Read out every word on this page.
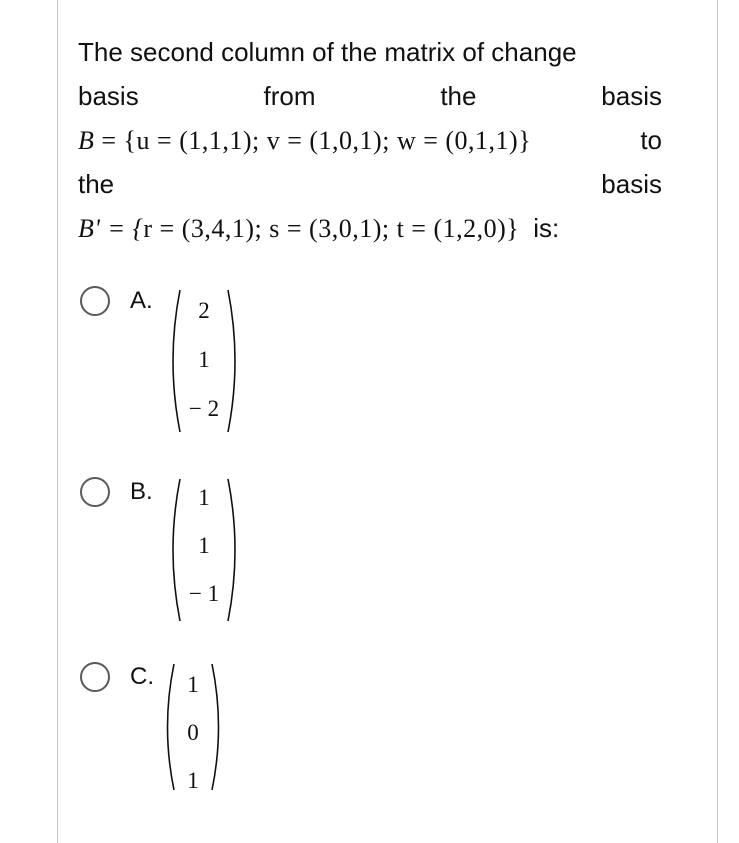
The second column of the matrix of change
basis	from	the	basis
B = {u = (1,1,1); v = (1,0,1); w = (0,1,1)}	to
the	basis
B' = {r = (3,4,1); s = (3,0,1); t = (1,2,0)} is:
A.	2
1
− 2
B.	1
1
− 1
C.	1
0
1
